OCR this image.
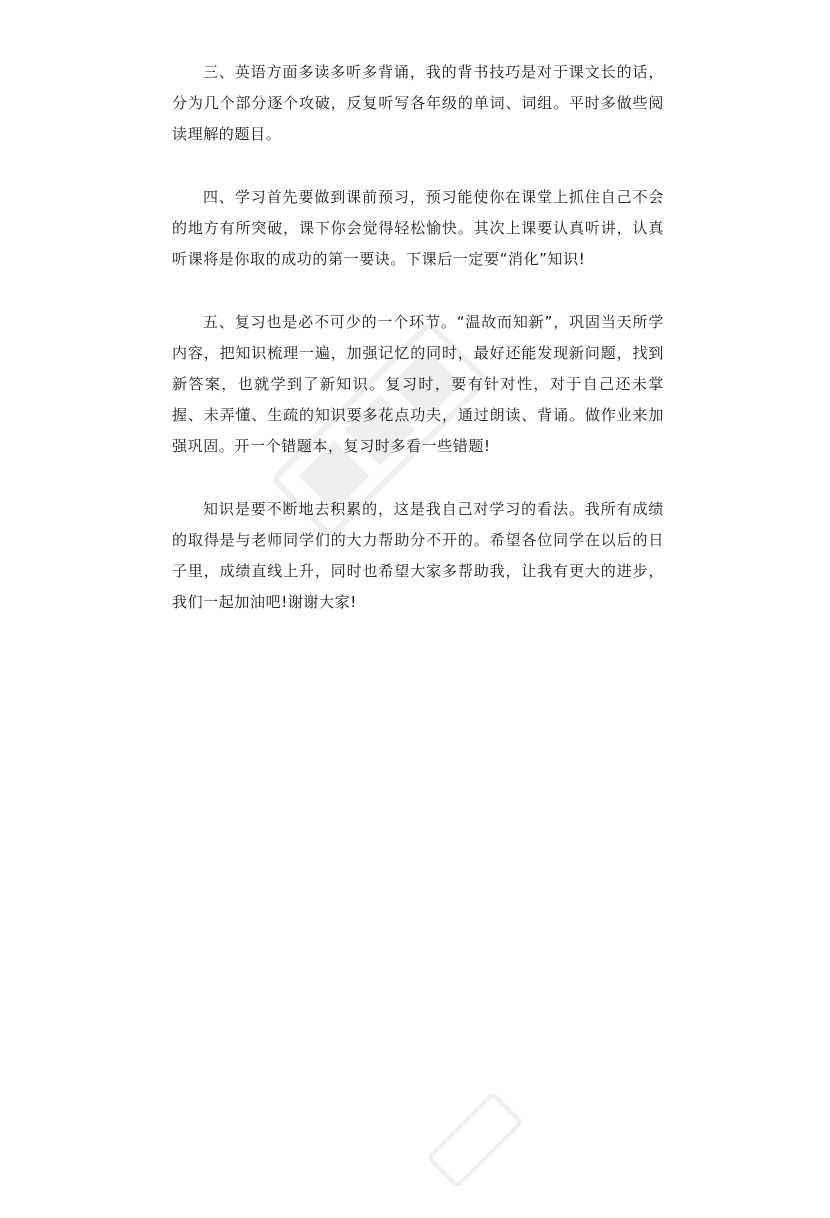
三、英语方面多读多听多背诵，我的背书技巧是对于课文长的话，分为几个部分逐个攻破，反复听写各年级的单词、词组。平时多做些阅读理解的题目。

四、学习首先要做到课前预习，预习能使你在课堂上抓住自己不会的地方有所突破，课下你会觉得轻松愉快。其次上课要认真听讲，认真听课将是你取的成功的第一要诀。下课后一定要“消化”知识!

五、复习也是必不可少的一个环节。“温故而知新”，巩固当天所学内容，把知识梳理一遍，加强记忆的同时，最好还能发现新问题，找到新答案，也就学到了新知识。复习时，要有针对性，对于自己还未掌握、未弄懂、生疏的知识要多花点功夫，通过朗读、背诵。做作业来加强巩固。开一个错题本，复习时多看一些错题!

知识是要不断地去积累的，这是我自己对学习的看法。我所有成绩的取得是与老师同学们的大力帮助分不开的。希望各位同学在以后的日子里，成绩直线上升，同时也希望大家多帮助我，让我有更大的进步，我们一起加油吧!谢谢大家!
